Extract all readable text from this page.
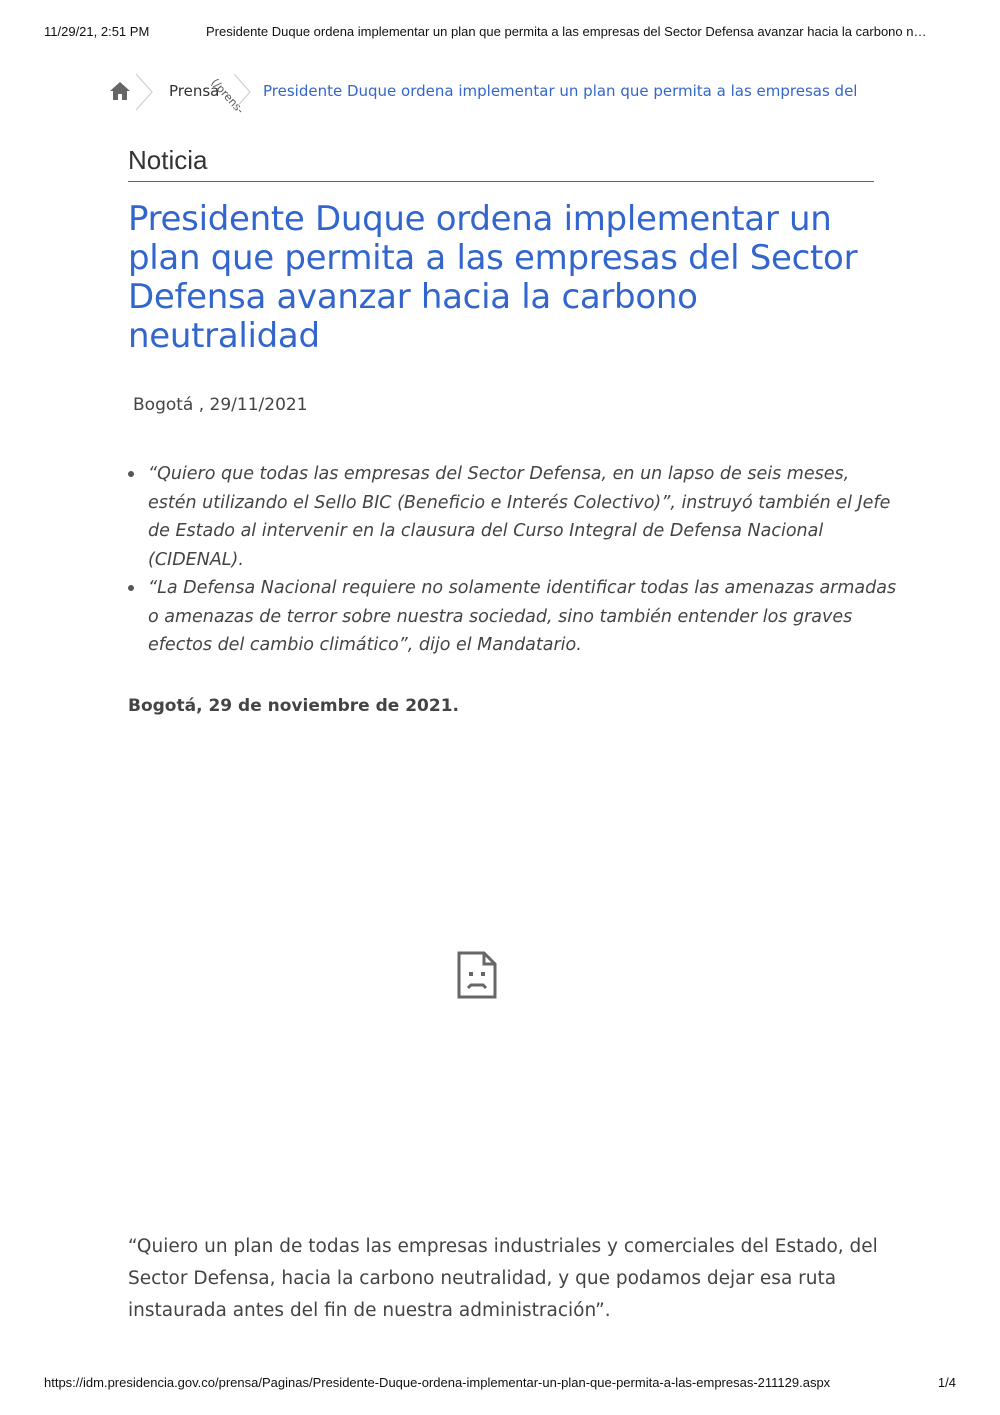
11/29/21, 2:51 PM	Presidente Duque ordena implementar un plan que permita a las empresas del Sector Defensa avanzar hacia la carbono n…
Prensa
(/prens- Presidente Duque ordena implementar un plan que permita a las empresas del
Noticia
Presidente Duque ordena implementar un plan que permita a las empresas del Sector Defensa avanzar hacia la carbono neutralidad
Bogotá , 29/11/2021
“Quiero que todas las empresas del Sector Defensa, en un lapso de seis meses, estén utilizando el Sello BIC (Beneficio e Interés Colectivo)”, instruyó también el Jefe de Estado al intervenir en la clausura del Curso Integral de Defensa Nacional (CIDENAL).
“La Defensa Nacional requiere no solamente identificar todas las amenazas armadas o amenazas de terror sobre nuestra sociedad, sino también entender los graves efectos del cambio climático”, dijo el Mandatario.

Bogotá, 29 de noviembre de 2021.

“Quiero un plan de todas las empresas industriales y comerciales del Estado, del Sector Defensa, hacia la carbono neutralidad, y que podamos dejar esa ruta instaurada antes del fin de nuestra administración”.

https://idm.presidencia.gov.co/prensa/Paginas/Presidente-Duque-ordena-implementar-un-plan-que-permita-a-las-empresas-211129.aspx	1/4
